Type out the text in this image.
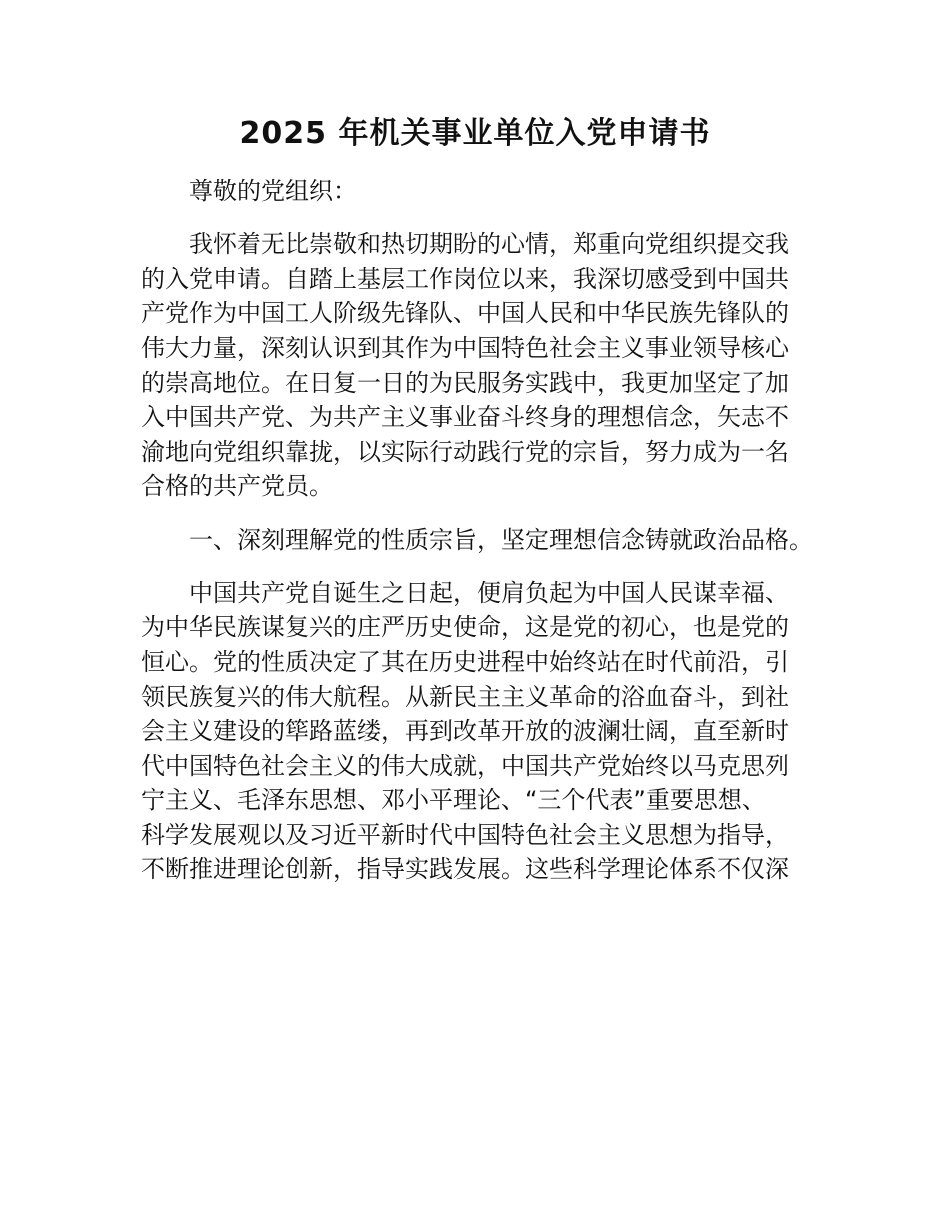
2025 年机关事业单位入党申请书
尊敬的党组织：
我怀着无比崇敬和热切期盼的心情，郑重向党组织提交我
的入党申请。自踏上基层工作岗位以来，我深切感受到中国共
产党作为中国工人阶级先锋队、中国人民和中华民族先锋队的
伟大力量，深刻认识到其作为中国特色社会主义事业领导核心
的崇高地位。在日复一日的为民服务实践中，我更加坚定了加
入中国共产党、为共产主义事业奋斗终身的理想信念，矢志不
渝地向党组织靠拢，以实际行动践行党的宗旨，努力成为一名
合格的共产党员。
一、深刻理解党的性质宗旨，坚定理想信念铸就政治品格。
中国共产党自诞生之日起，便肩负起为中国人民谋幸福、
为中华民族谋复兴的庄严历史使命，这是党的初心，也是党的
恒心。党的性质决定了其在历史进程中始终站在时代前沿，引
领民族复兴的伟大航程。从新民主主义革命的浴血奋斗，到社
会主义建设的筚路蓝缕，再到改革开放的波澜壮阔，直至新时
代中国特色社会主义的伟大成就，中国共产党始终以马克思列
宁主义、毛泽东思想、邓小平理论、“三个代表”重要思想、
科学发展观以及习近平新时代中国特色社会主义思想为指导，
不断推进理论创新，指导实践发展。这些科学理论体系不仅深
